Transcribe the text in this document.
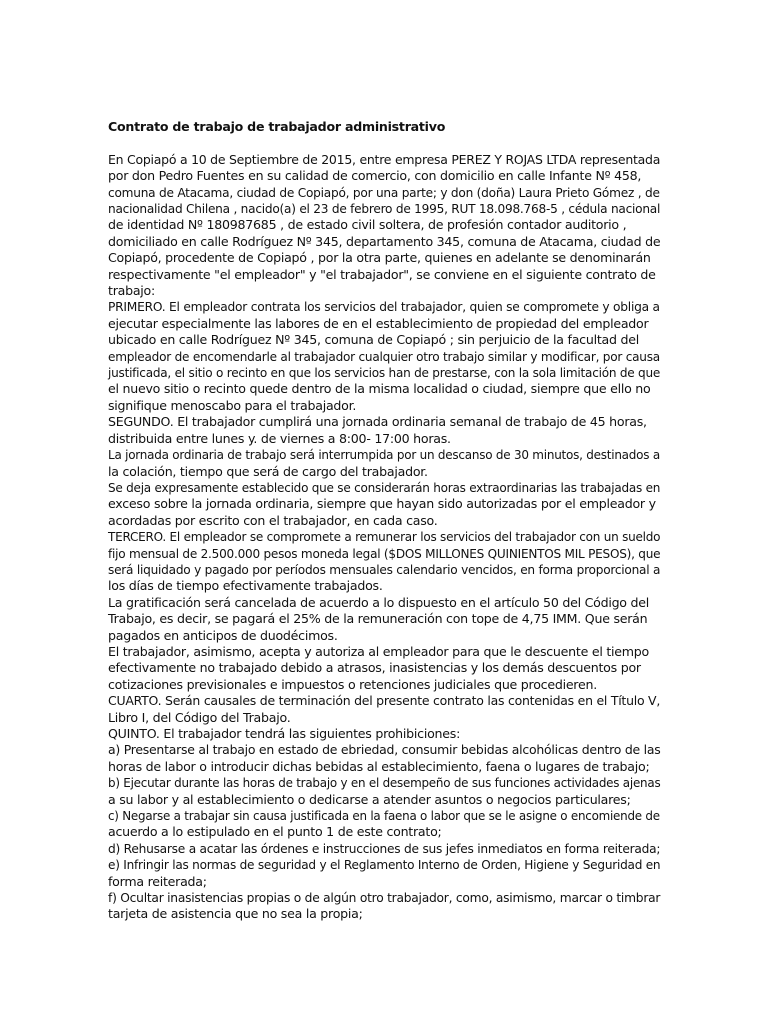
Contrato de trabajo de trabajador administrativo
En Copiapó a 10 de Septiembre de 2015, entre empresa PEREZ Y ROJAS LTDA representada
por don Pedro Fuentes en su calidad de comercio, con domicilio en calle Infante Nº 458,
comuna de Atacama, ciudad de Copiapó, por una parte; y don (doña) Laura Prieto Gómez , de
nacionalidad Chilena , nacido(a) el 23 de febrero de 1995, RUT 18.098.768-5 , cédula nacional
de identidad Nº 180987685 , de estado civil soltera, de profesión contador auditorio ,
domiciliado en calle Rodríguez Nº 345, departamento 345, comuna de Atacama, ciudad de
Copiapó, procedente de Copiapó , por la otra parte, quienes en adelante se denominarán
respectivamente "el empleador" y "el trabajador", se conviene en el siguiente contrato de
trabajo:
PRIMERO. El empleador contrata los servicios del trabajador, quien se compromete y obliga a
ejecutar especialmente las labores de en el establecimiento de propiedad del empleador
ubicado en calle Rodríguez Nº 345, comuna de Copiapó ; sin perjuicio de la facultad del
empleador de encomendarle al trabajador cualquier otro trabajo similar y modificar, por causa
justificada, el sitio o recinto en que los servicios han de prestarse, con la sola limitación de que
el nuevo sitio o recinto quede dentro de la misma localidad o ciudad, siempre que ello no
signifique menoscabo para el trabajador.
SEGUNDO. El trabajador cumplirá una jornada ordinaria semanal de trabajo de 45 horas,
distribuida entre lunes y. de viernes a 8:00- 17:00 horas.
La jornada ordinaria de trabajo será interrumpida por un descanso de 30 minutos, destinados a
la colación, tiempo que será de cargo del trabajador.
Se deja expresamente establecido que se considerarán horas extraordinarias las trabajadas en
exceso sobre la jornada ordinaria, siempre que hayan sido autorizadas por el empleador y
acordadas por escrito con el trabajador, en cada caso.
TERCERO. El empleador se compromete a remunerar los servicios del trabajador con un sueldo
fijo mensual de 2.500.000 pesos moneda legal ($DOS MILLONES QUINIENTOS MIL PESOS), que
será liquidado y pagado por períodos mensuales calendario vencidos, en forma proporcional a
los días de tiempo efectivamente trabajados.
La gratificación será cancelada de acuerdo a lo dispuesto en el artículo 50 del Código del
Trabajo, es decir, se pagará el 25% de la remuneración con tope de 4,75 IMM. Que serán
pagados en anticipos de duodécimos.
El trabajador, asimismo, acepta y autoriza al empleador para que le descuente el tiempo
efectivamente no trabajado debido a atrasos, inasistencias y los demás descuentos por
cotizaciones previsionales e impuestos o retenciones judiciales que procedieren.
CUARTO. Serán causales de terminación del presente contrato las contenidas en el Título V,
Libro I, del Código del Trabajo.
QUINTO. El trabajador tendrá las siguientes prohibiciones:
a) Presentarse al trabajo en estado de ebriedad, consumir bebidas alcohólicas dentro de las
horas de labor o introducir dichas bebidas al establecimiento, faena o lugares de trabajo;
b) Ejecutar durante las horas de trabajo y en el desempeño de sus funciones actividades ajenas
a su labor y al establecimiento o dedicarse a atender asuntos o negocios particulares;
c) Negarse a trabajar sin causa justificada en la faena o labor que se le asigne o encomiende de
acuerdo a lo estipulado en el punto 1 de este contrato;
d) Rehusarse a acatar las órdenes e instrucciones de sus jefes inmediatos en forma reiterada;
e) Infringir las normas de seguridad y el Reglamento Interno de Orden, Higiene y Seguridad en
forma reiterada;
f) Ocultar inasistencias propias o de algún otro trabajador, como, asimismo, marcar o timbrar
tarjeta de asistencia que no sea la propia;
